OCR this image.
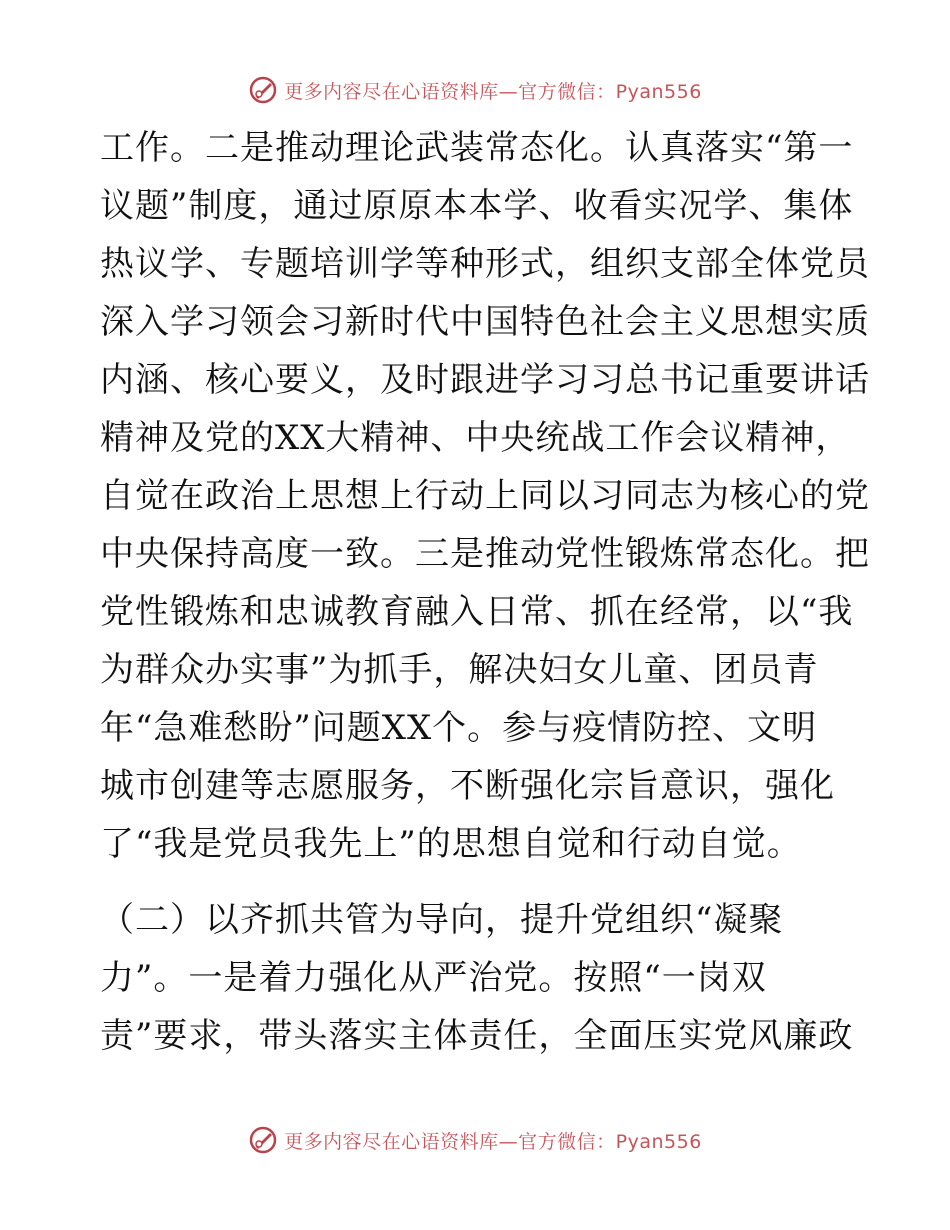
更多内容尽在心语资料库—官方微信：Pyan556
工作。二是推动理论武装常态化。认真落实“第一
议题”制度，通过原原本本学、收看实况学、集体
热议学、专题培训学等种形式，组织支部全体党员
深入学习领会习新时代中国特色社会主义思想实质
内涵、核心要义，及时跟进学习习总书记重要讲话
精神及党的XX大精神、中央统战工作会议精神，
自觉在政治上思想上行动上同以习同志为核心的党
中央保持高度一致。三是推动党性锻炼常态化。把
党性锻炼和忠诚教育融入日常、抓在经常，以“我
为群众办实事”为抓手，解决妇女儿童、团员青
年“急难愁盼”问题XX个。参与疫情防控、文明
城市创建等志愿服务，不断强化宗旨意识，强化
了“我是党员我先上”的思想自觉和行动自觉。
（二）以齐抓共管为导向，提升党组织“凝聚
力”。一是着力强化从严治党。按照“一岗双
责”要求，带头落实主体责任，全面压实党风廉政
更多内容尽在心语资料库—官方微信：Pyan556
